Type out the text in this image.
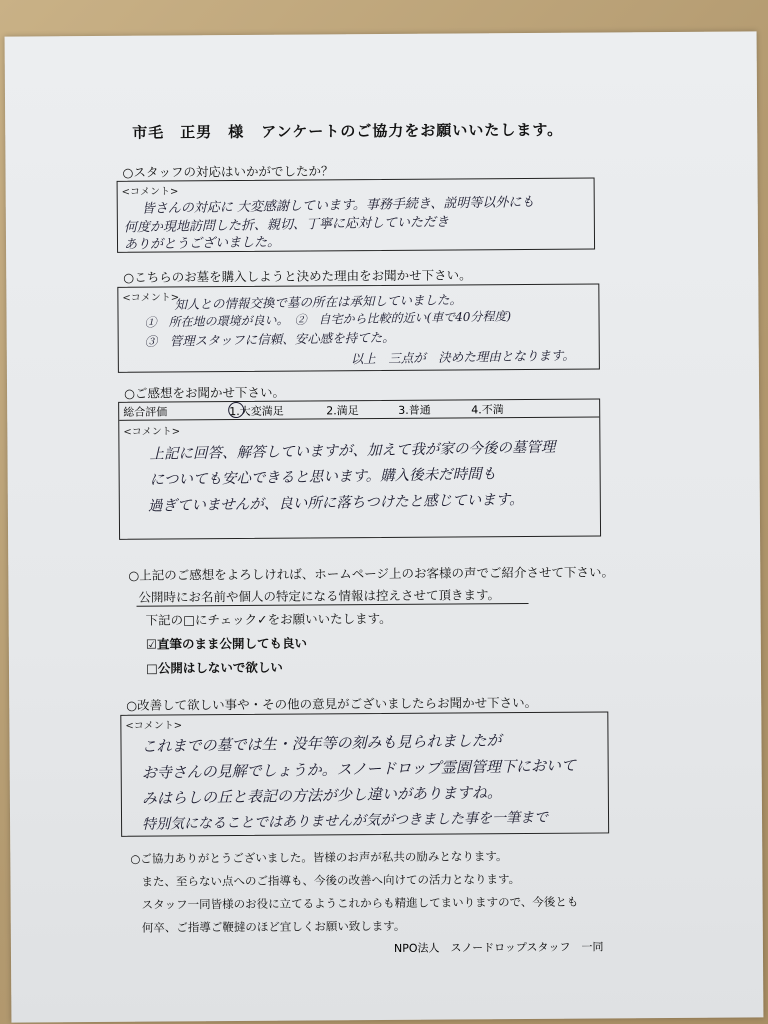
市毛　正男　様 アンケートのご協力をお願いいたします。
○スタッフの対応はいかがでしたか？
<コメント>
皆さんの対応に 大変感謝しています。事務手続き、説明等以外にも
何度か現地訪問した折、親切、丁寧に応対していただき
ありがとうございました。
○こちらのお墓を購入しようと決めた理由をお聞かせ下さい。
<コメント>
知人との情報交換で墓の所在は承知していました。
①　所在地の環境が良い。　②　自宅から比較的近い(車で40分程度)
③　管理スタッフに信頼、安心感を持てた。
以上　三点が　決めた理由となります。
○ご感想をお聞かせ下さい。
総合評価	1.大変満足	2.満足	3.普通	4.不満
<コメント>
上記に回答、解答していますが、加えて我が家の今後の墓管理
についても安心できると思います。購入後未だ時間も
過ぎていませんが、良い所に落ちつけたと感じています。
○上記のご感想をよろしければ、ホームページ上のお客様の声でご紹介させて下さい。
公開時にお名前や個人の特定になる情報は控えさせて頂きます。
下記の□にチェック✓をお願いいたします。
☑直筆のまま公開しても良い
□公開はしないで欲しい
○改善して欲しい事や・その他の意見がございましたらお聞かせ下さい。
<コメント>
これまでの墓では生・没年等の刻みも見られましたが
お寺さんの見解でしょうか。スノードロップ霊園管理下において
みはらしの丘と表記の方法が少し違いがありますね。
特別気になることではありませんが気がつきました事を一筆まで
○ご協力ありがとうございました。皆様のお声が私共の励みとなります。
また、至らない点へのご指導も、今後の改善へ向けての活力となります。
スタッフ一同皆様のお役に立てるようこれからも精進してまいりますので、今後とも
何卒、ご指導ご鞭撻のほど宜しくお願い致します。
NPO法人　スノードロップスタッフ　一同
